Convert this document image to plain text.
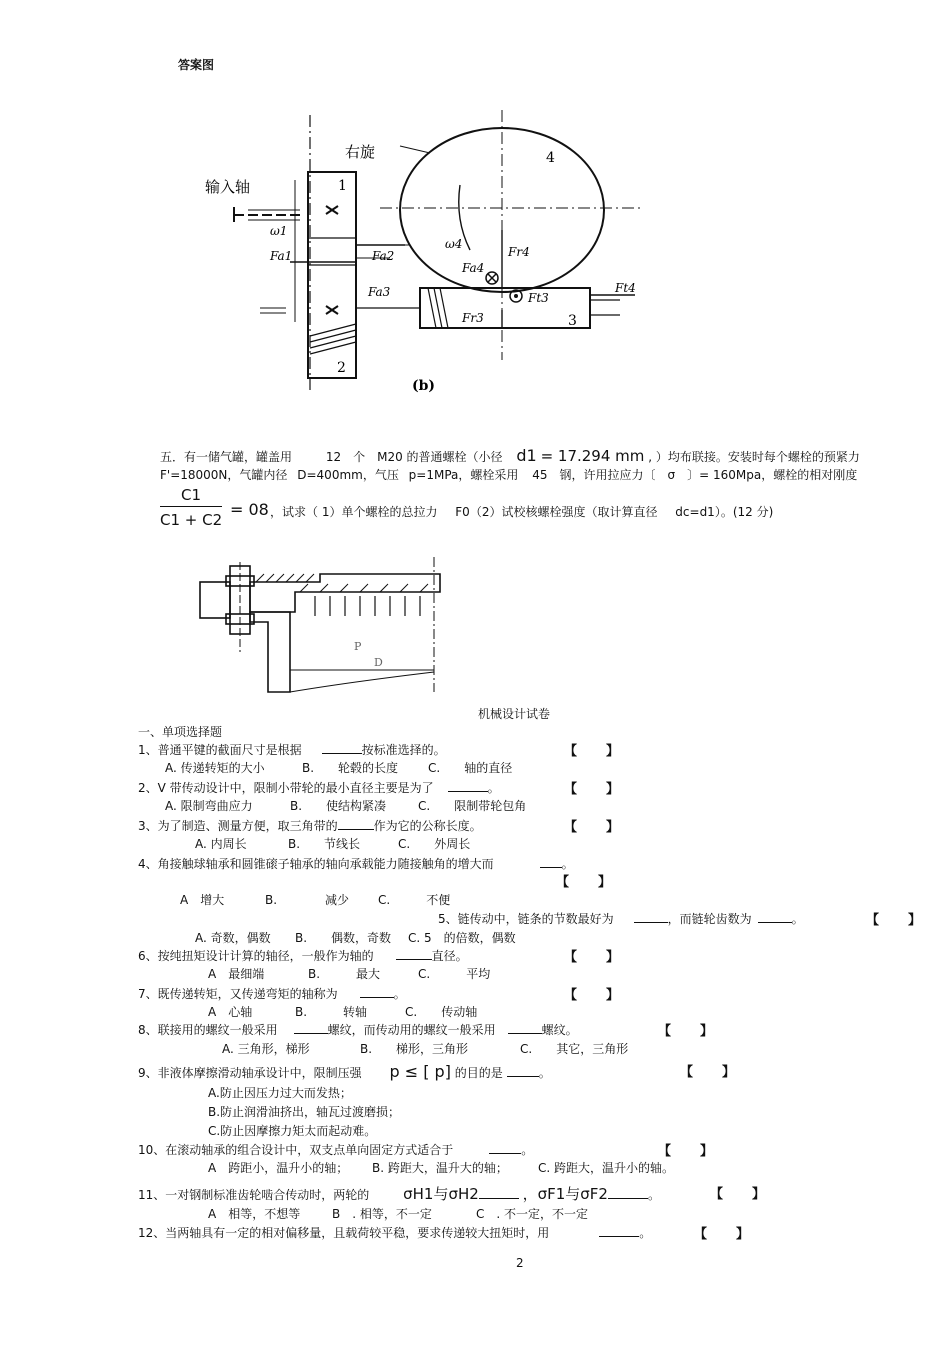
答案图
右旋
输入轴	1
2
3
4
ω1
ω4
Fa1	Fa2
Fa3
Fa4
Fr3
Fr4
Ft3
Ft4
(b)
五．有一储气罐，罐盖用	12　个　M20 的普通螺栓（小径 d1 = 17.294 mm , ）均布联接。安装时每个螺栓的预紧力
F'=18000N，气罐内径 D=400mm，气压 p=1MPa，螺栓采用 45　钢，许用拉应力〔　σ　〕= 160Mpa，螺栓的相对刚度
$\frac{C1}{C1 + C2} = 08$ ，试求（ 1）单个螺栓的总拉力 F0（2）试校核螺栓强度（取计算直径 dc=d1）。(12 分)
P
D
机械设计试卷
一、单项选择题
1、普通平键的截面尺寸是根据	按标准选择的。	【　】
A. 传递转矩的大小	B.　　轮毂的长度 C.　　轴的直径
2、V 带传动设计中，限制小带轮的最小直径主要是为了	。	【　】
A. 限制弯曲应力	B.　　使结构紧凑	C.　　限制带轮包角
3、为了制造、测量方便，取三角带的	作为它的公称长度。	【　】
A. 内周长	B.　　节线长	C.　　外周长
4、角接触球轴承和圆锥磙子轴承的轴向承载能力随接触角的增大而	。
【　】
A　增大	B.　　　　减少 C.　　　不便
5、链传动中，链条的节数最好为	，而链轮齿数为	。	【　】
A. 奇数，偶数 B.　　偶数，奇数 C. 5　的倍数，偶数
6、按纯扭矩设计计算的轴径，一般作为轴的	直径。	【　】
A　最细端	B.　　　最大	C.　　　平均
7、既传递转矩，又传递弯矩的轴称为	。	【　】
A　心轴	B.　　　转轴	C.　　传动轴
8、联接用的螺纹一般采用	螺纹，而传动用的螺纹一般采用	螺纹。	【　】
A. 三角形，梯形	B.　　梯形，三角形	C.　　其它，三角形
9、非液体摩擦滑动轴承设计中，限制压强 p ≤ [ p] 的目的是	。	【　】
A.防止因压力过大而发热；
B.防止润滑油挤出，轴瓦过渡磨损；
C.防止因摩擦力矩太而起动难。
10、在滚动轴承的组合设计中，双支点单向固定方式适合于	。	【　】
A　跨距小，温升小的轴； B. 跨距大，温升大的轴；	C. 跨距大，温升小的轴。
11、一对钢制标准齿轮啮合传动时，两轮的 σH1与σH2	，σF1与σF2	。	【　】
A　相等，不想等	B　. 相等，不一定	C　. 不一定，不一定
12、当两轴具有一定的相对偏移量，且载荷较平稳，要求传递较大扭矩时，用	。	【　】
2
